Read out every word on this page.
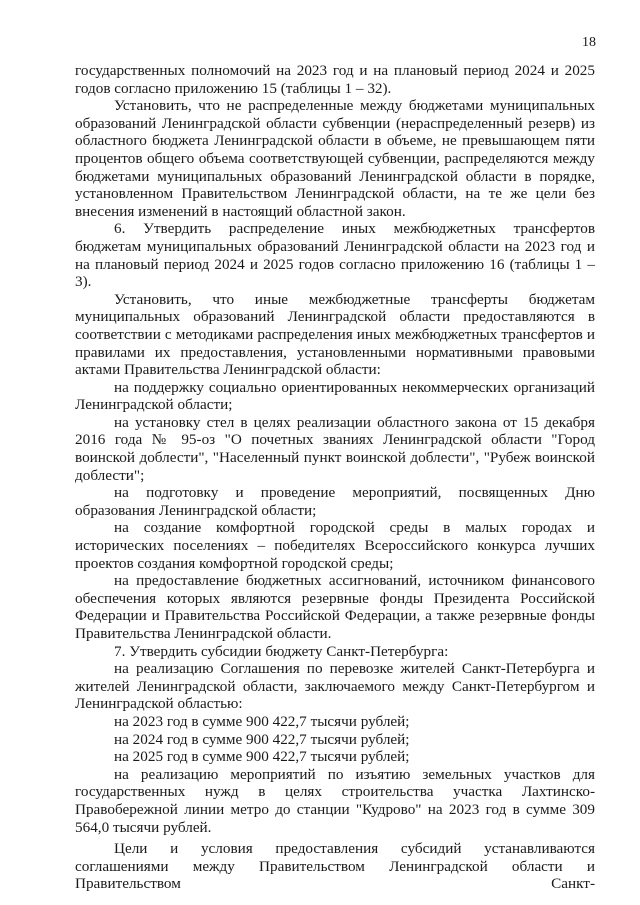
18

государственных полномочий на 2023 год и на плановый период 2024 и 2025 годов согласно приложению 15 (таблицы 1 – 32).

Установить, что не распределенные между бюджетами муниципальных образований Ленинградской области субвенции (нераспределенный резерв) из областного бюджета Ленинградской области в объеме, не превышающем пяти процентов общего объема соответствующей субвенции, распределяются между бюджетами муниципальных образований Ленинградской области в порядке, установленном Правительством Ленинградской области, на те же цели без внесения изменений в настоящий областной закон.

6. Утвердить распределение иных межбюджетных трансфертов бюджетам муниципальных образований Ленинградской области на 2023 год и на плановый период 2024 и 2025 годов согласно приложению 16 (таблицы 1 – 3).

Установить, что иные межбюджетные трансферты бюджетам муниципальных образований Ленинградской области предоставляются в соответствии с методиками распределения иных межбюджетных трансфертов и правилами их предоставления, установленными нормативными правовыми актами Правительства Ленинградской области:

на поддержку социально ориентированных некоммерческих организаций Ленинградской области;

на установку стел в целях реализации областного закона от 15 декабря 2016 года № 95-оз "О почетных званиях Ленинградской области "Город воинской доблести", "Населенный пункт воинской доблести", "Рубеж воинской доблести";

на подготовку и проведение мероприятий, посвященных Дню образования Ленинградской области;

на создание комфортной городской среды в малых городах и исторических поселениях – победителях Всероссийского конкурса лучших проектов создания комфортной городской среды;

на предоставление бюджетных ассигнований, источником финансового обеспечения которых являются резервные фонды Президента Российской Федерации и Правительства Российской Федерации, а также резервные фонды Правительства Ленинградской области.

7. Утвердить субсидии бюджету Санкт-Петербурга:

на реализацию Соглашения по перевозке жителей Санкт-Петербурга и жителей Ленинградской области, заключаемого между Санкт-Петербургом и Ленинградской областью:

на 2023 год в сумме 900 422,7 тысячи рублей;

на 2024 год в сумме 900 422,7 тысячи рублей;

на 2025 год в сумме 900 422,7 тысячи рублей;

на реализацию мероприятий по изъятию земельных участков для государственных нужд в целях строительства участка Лахтинско-Правобережной линии метро до станции "Кудрово" на 2023 год в сумме 309 564,0 тысячи рублей.

Цели и условия предоставления субсидий устанавливаются соглашениями между Правительством Ленинградской области и Правительством Санкт-
